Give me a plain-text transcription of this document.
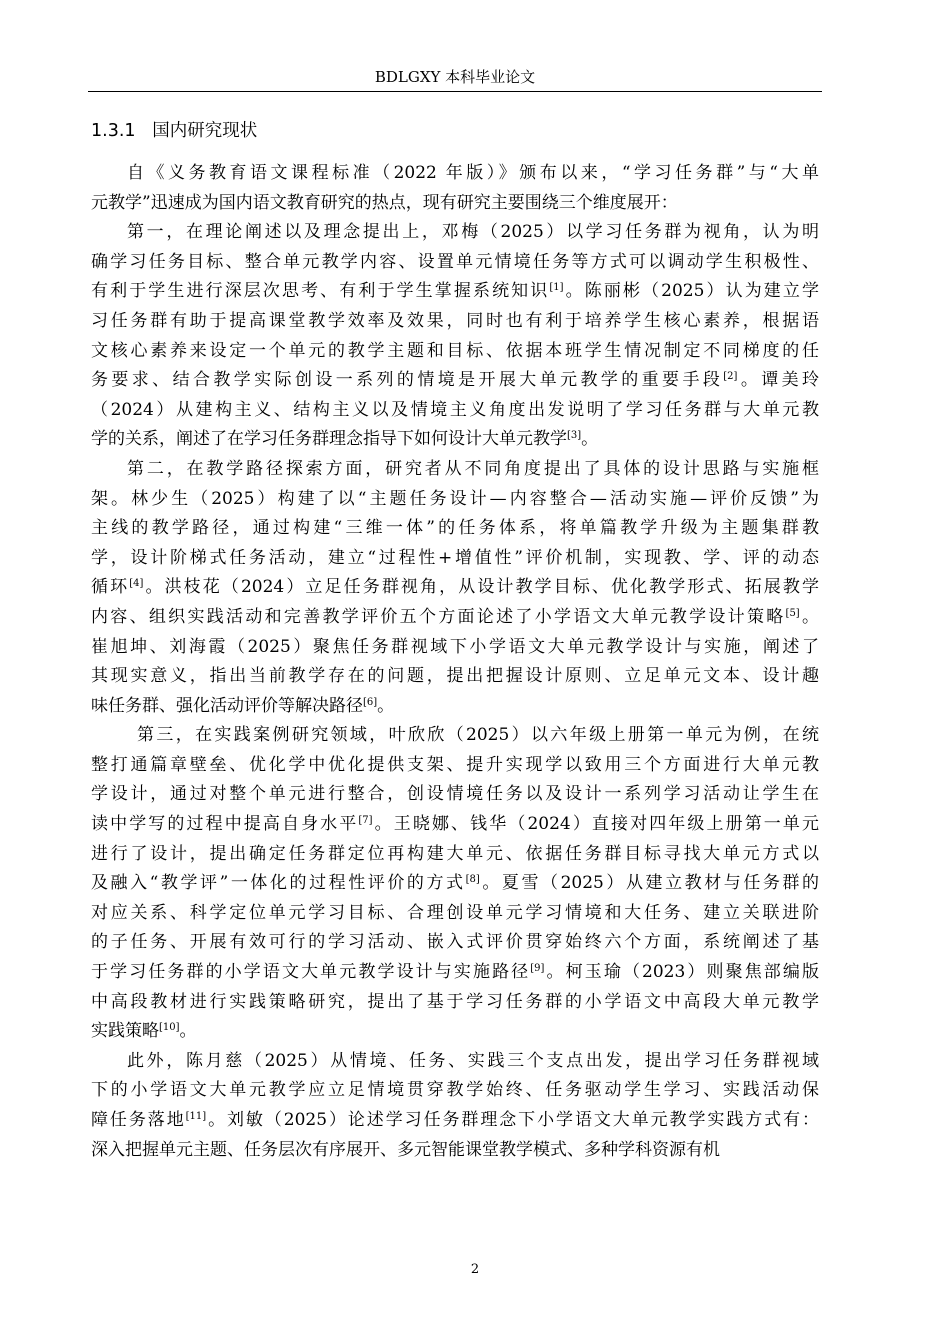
BDLGXY 本科毕业论文
1.3.1   国内研究现状
自《义务教育语文课程标准（2022 年版）》颁布以来，“学习任务群”与“大单
元教学”迅速成为国内语文教育研究的热点，现有研究主要围绕三个维度展开：
第一，在理论阐述以及理念提出上，邓梅（2025）以学习任务群为视角，认为明
确学习任务目标、整合单元教学内容、设置单元情境任务等方式可以调动学生积极性、
有利于学生进行深层次思考、有利于学生掌握系统知识[1]。陈丽彬（2025）认为建立学
习任务群有助于提高课堂教学效率及效果，同时也有利于培养学生核心素养，根据语
文核心素养来设定一个单元的教学主题和目标、依据本班学生情况制定不同梯度的任
务要求、结合教学实际创设一系列的情境是开展大单元教学的重要手段[2]。谭美玲
（2024）从建构主义、结构主义以及情境主义角度出发说明了学习任务群与大单元教
学的关系，阐述了在学习任务群理念指导下如何设计大单元教学[3]。
第二，在教学路径探索方面，研究者从不同角度提出了具体的设计思路与实施框
架。林少生（2025）构建了以“主题任务设计—内容整合—活动实施—评价反馈”为
主线的教学路径，通过构建“三维一体”的任务体系，将单篇教学升级为主题集群教
学，设计阶梯式任务活动，建立“过程性+增值性”评价机制，实现教、学、评的动态
循环[4]。洪枝花（2024）立足任务群视角，从设计教学目标、优化教学形式、拓展教学
内容、组织实践活动和完善教学评价五个方面论述了小学语文大单元教学设计策略[5]。
崔旭坤、刘海霞（2025）聚焦任务群视域下小学语文大单元教学设计与实施，阐述了
其现实意义，指出当前教学存在的问题，提出把握设计原则、立足单元文本、设计趣
味任务群、强化活动评价等解决路径[6]。
第三，在实践案例研究领域，叶欣欣（2025）以六年级上册第一单元为例，在统
整打通篇章壁垒、优化学中优化提供支架、提升实现学以致用三个方面进行大单元教
学设计，通过对整个单元进行整合，创设情境任务以及设计一系列学习活动让学生在
读中学写的过程中提高自身水平[7]。王晓娜、钱华（2024）直接对四年级上册第一单元
进行了设计，提出确定任务群定位再构建大单元、依据任务群目标寻找大单元方式以
及融入“教学评”一体化的过程性评价的方式[8]。夏雪（2025）从建立教材与任务群的
对应关系、科学定位单元学习目标、合理创设单元学习情境和大任务、建立关联进阶
的子任务、开展有效可行的学习活动、嵌入式评价贯穿始终六个方面，系统阐述了基
于学习任务群的小学语文大单元教学设计与实施路径[9]。柯玉瑜（2023）则聚焦部编版
中高段教材进行实践策略研究，提出了基于学习任务群的小学语文中高段大单元教学
实践策略[10]。
此外，陈月慈（2025）从情境、任务、实践三个支点出发，提出学习任务群视域
下的小学语文大单元教学应立足情境贯穿教学始终、任务驱动学生学习、实践活动保
障任务落地[11]。刘敏（2025）论述学习任务群理念下小学语文大单元教学实践方式有：
深入把握单元主题、任务层次有序展开、多元智能课堂教学模式、多种学科资源有机
2
